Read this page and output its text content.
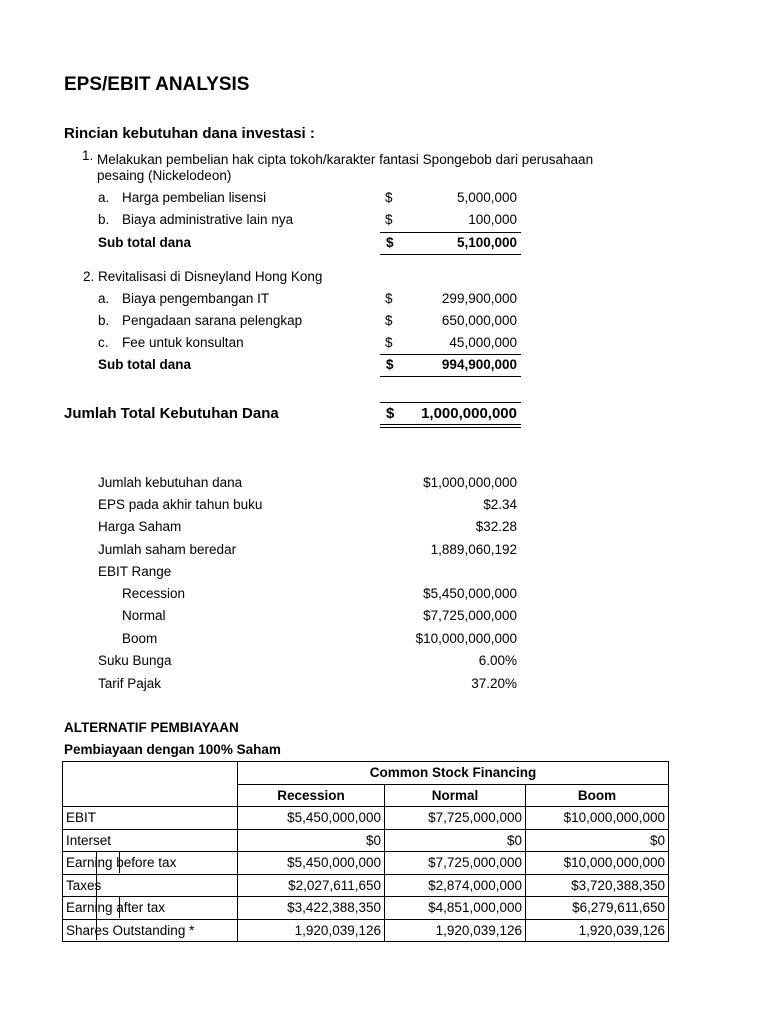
EPS/EBIT ANALYSIS
Rincian kebutuhan dana investasi :
1. Melakukan pembelian hak cipta tokoh/karakter fantasi Spongebob dari perusahaan
pesaing (Nickelodeon)
a. Harga pembelian lisensi	$	5,000,000
b. Biaya administrative lain nya	$	100,000
Sub total dana	$	5,100,000
2. Revitalisasi di Disneyland Hong Kong
a. Biaya pengembangan IT	$	299,900,000
b. Pengadaan sarana pelengkap	$	650,000,000
c. Fee untuk konsultan	$	45,000,000
Sub total dana	$	994,900,000
Jumlah Total Kebutuhan Dana	$	1,000,000,000
Jumlah kebutuhan dana	$1,000,000,000
EPS pada akhir tahun buku	$2.34
Harga Saham	$32.28
Jumlah saham beredar	1,889,060,192
EBIT Range
Recession	$5,450,000,000
Normal	$7,725,000,000
Boom	$10,000,000,000
Suku Bunga	6.00%
Tarif Pajak	37.20%
ALTERNATIF PEMBIAYAAN
Pembiayaan dengan 100% Saham
	Common Stock Financing		
	Recession	Normal	Boom
EBIT	$5,450,000,000	$7,725,000,000	$10,000,000,000
Interset	$0	$0	$0
Earning before tax	$5,450,000,000	$7,725,000,000	$10,000,000,000
Taxes	$2,027,611,650	$2,874,000,000	$3,720,388,350
Earning after tax	$3,422,388,350	$4,851,000,000	$6,279,611,650
Shares Outstanding *	1,920,039,126	1,920,039,126	1,920,039,126
